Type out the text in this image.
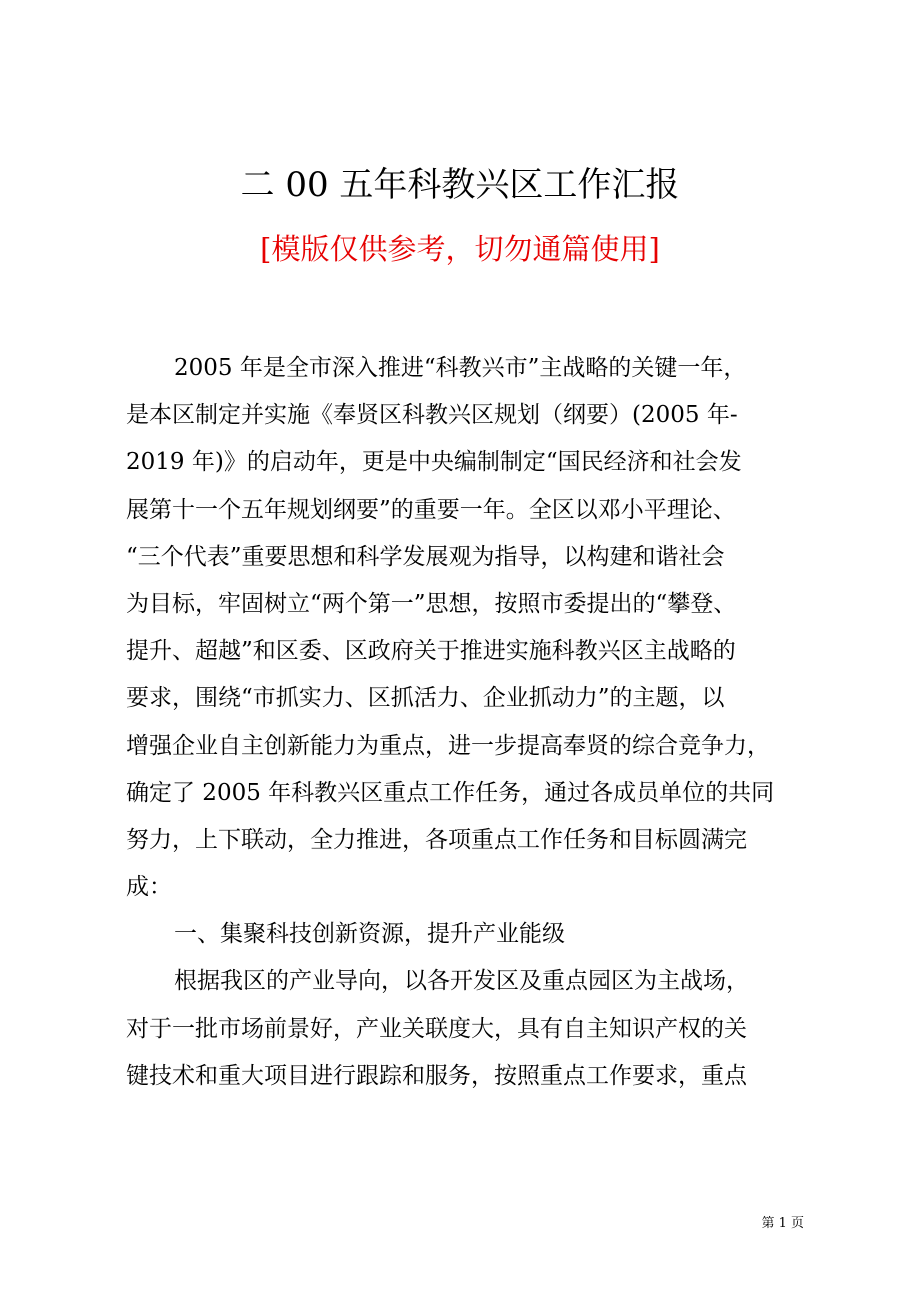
二 00 五年科教兴区工作汇报
[模版仅供参考，切勿通篇使用]
2005 年是全市深入推进“科教兴市”主战略的关键一年，
是本区制定并实施《奉贤区科教兴区规划（纲要）(2005 年-
2019 年)》的启动年，更是中央编制制定“国民经济和社会发
展第十一个五年规划纲要”的重要一年。全区以邓小平理论、
“三个代表”重要思想和科学发展观为指导，以构建和谐社会
为目标，牢固树立“两个第一”思想，按照市委提出的“攀登、
提升、超越”和区委、区政府关于推进实施科教兴区主战略的
要求，围绕“市抓实力、区抓活力、企业抓动力”的主题，以
增强企业自主创新能力为重点，进一步提高奉贤的综合竞争力，
确定了 2005 年科教兴区重点工作任务，通过各成员单位的共同
努力，上下联动，全力推进，各项重点工作任务和目标圆满完
成：
一、集聚科技创新资源，提升产业能级
根据我区的产业导向，以各开发区及重点园区为主战场，
对于一批市场前景好，产业关联度大，具有自主知识产权的关
键技术和重大项目进行跟踪和服务，按照重点工作要求，重点
第 1 页
